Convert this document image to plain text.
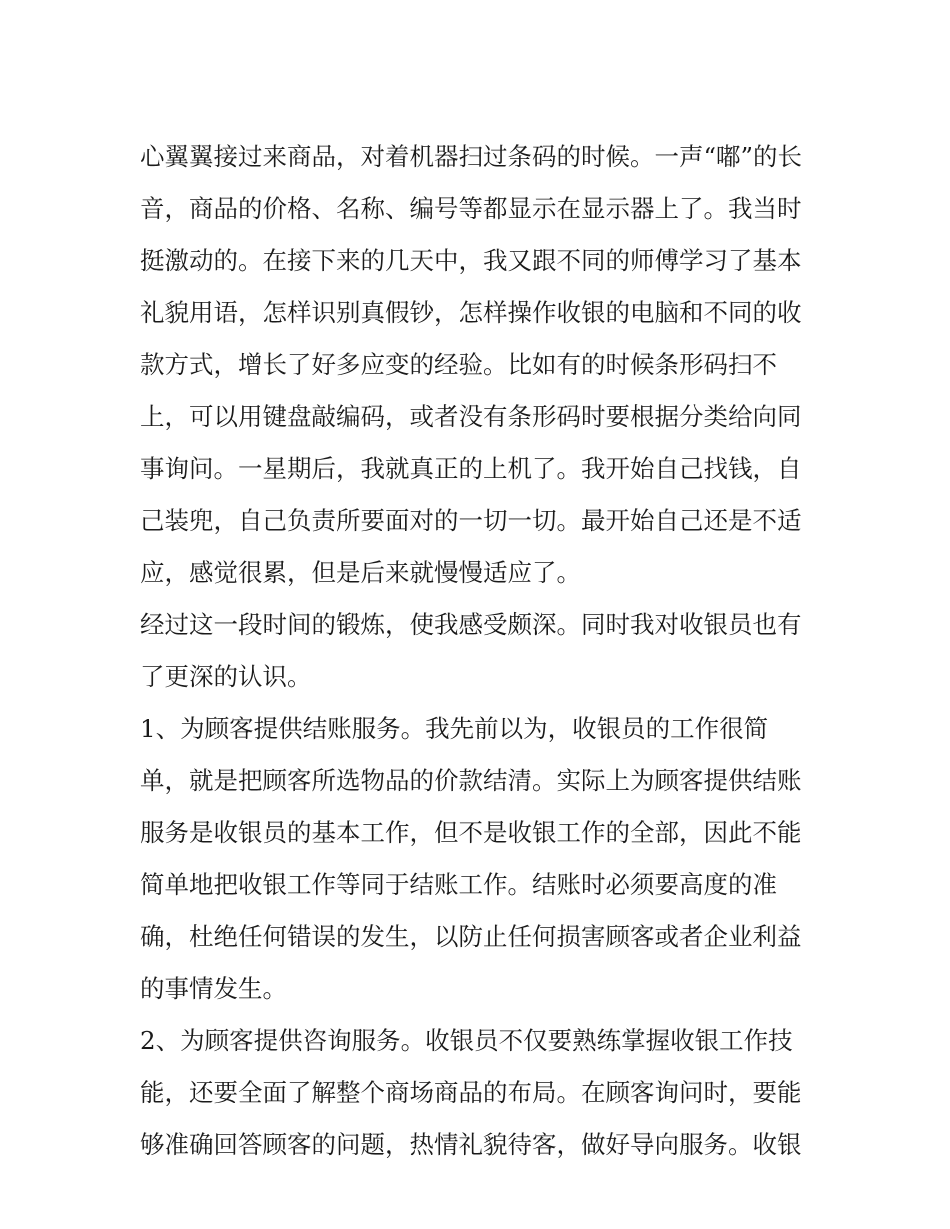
心翼翼接过来商品，对着机器扫过条码的时候。一声“嘟”的长
音，商品的价格、名称、编号等都显示在显示器上了。我当时
挺激动的。在接下来的几天中，我又跟不同的师傅学习了基本
礼貌用语，怎样识别真假钞，怎样操作收银的电脑和不同的收
款方式，增长了好多应变的经验。比如有的时候条形码扫不
上，可以用键盘敲编码，或者没有条形码时要根据分类给向同
事询问。一星期后，我就真正的上机了。我开始自己找钱，自
己装兜，自己负责所要面对的一切一切。最开始自己还是不适
应，感觉很累，但是后来就慢慢适应了。
经过这一段时间的锻炼，使我感受颇深。同时我对收银员也有
了更深的认识。
1、为顾客提供结账服务。我先前以为，收银员的工作很简
单，就是把顾客所选物品的价款结清。实际上为顾客提供结账
服务是收银员的基本工作，但不是收银工作的全部，因此不能
简单地把收银工作等同于结账工作。结账时必须要高度的准
确，杜绝任何错误的发生，以防止任何损害顾客或者企业利益
的事情发生。
2、为顾客提供咨询服务。收银员不仅要熟练掌握收银工作技
能，还要全面了解整个商场商品的布局。在顾客询问时，要能
够准确回答顾客的问题，热情礼貌待客，做好导向服务。收银
